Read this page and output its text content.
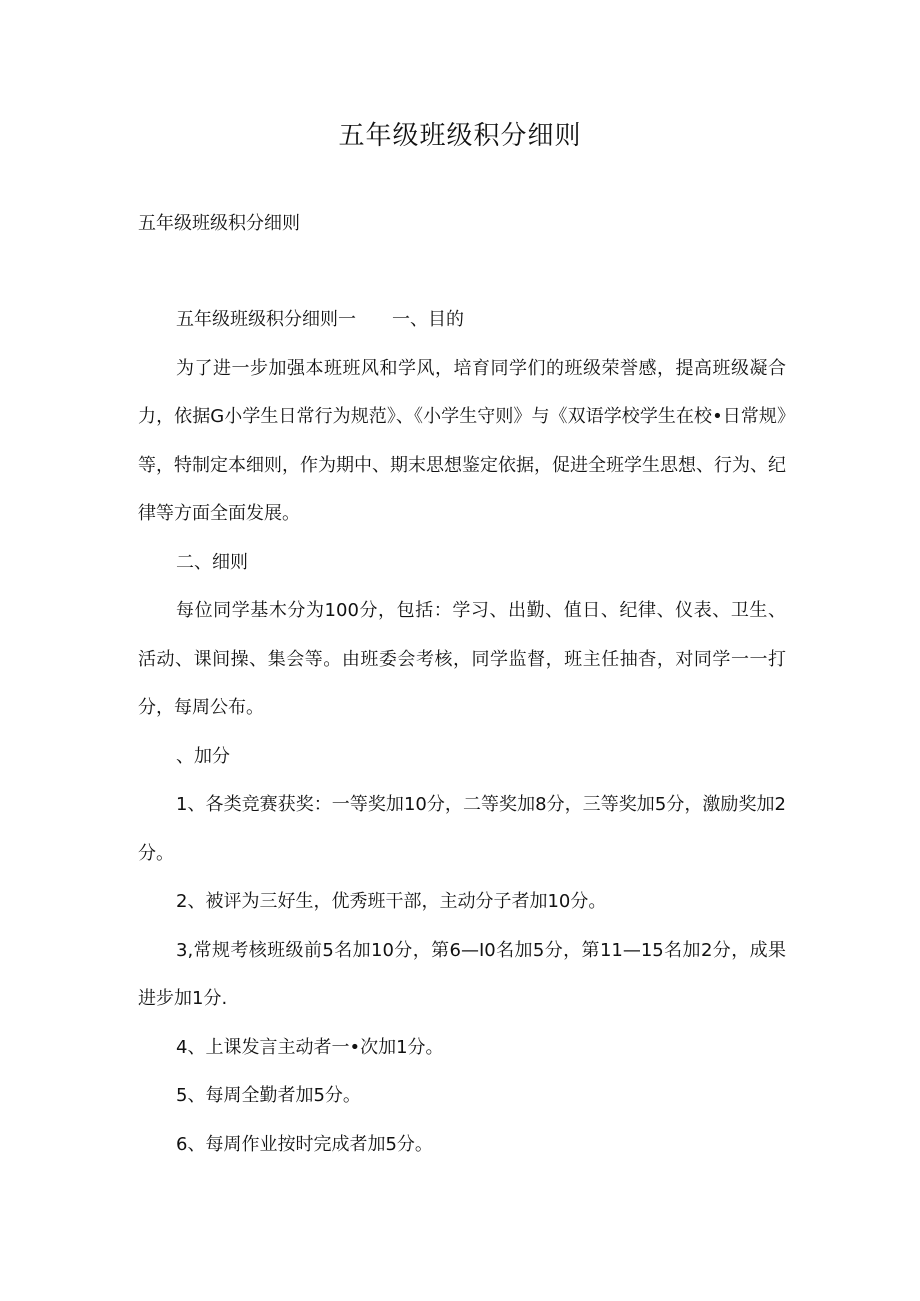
五年级班级积分细则
五年级班级积分细则

五年级班级积分细则一　　一、目的

为了进一步加强本班班风和学风，培育同学们的班级荣誉感，提高班级凝合力，依据G小学生日常行为规范》、《小学生守则》与《双语学校学生在校•日常规》等，特制定本细则，作为期中、期末思想鉴定依据，促进全班学生思想、行为、纪律等方面全面发展。

二、细则

每位同学基木分为100分，包括：学习、出勤、值日、纪律、仪表、卫生、活动、课间操、集会等。由班委会考核，同学监督，班主任抽杳，对同学一一打分，每周公布。

、加分

1、各类竞赛获奖：一等奖加10分，二等奖加8分，三等奖加5分，激励奖加2分。

2、被评为三好生，优秀班干部，主动分子者加10分。

3,常规考核班级前5名加10分，第6—I0名加5分，第11—15名加2分，成果进步加1分.

4、上课发言主动者一•次加1分。

5、每周全勤者加5分。

6、每周作业按时完成者加5分。
